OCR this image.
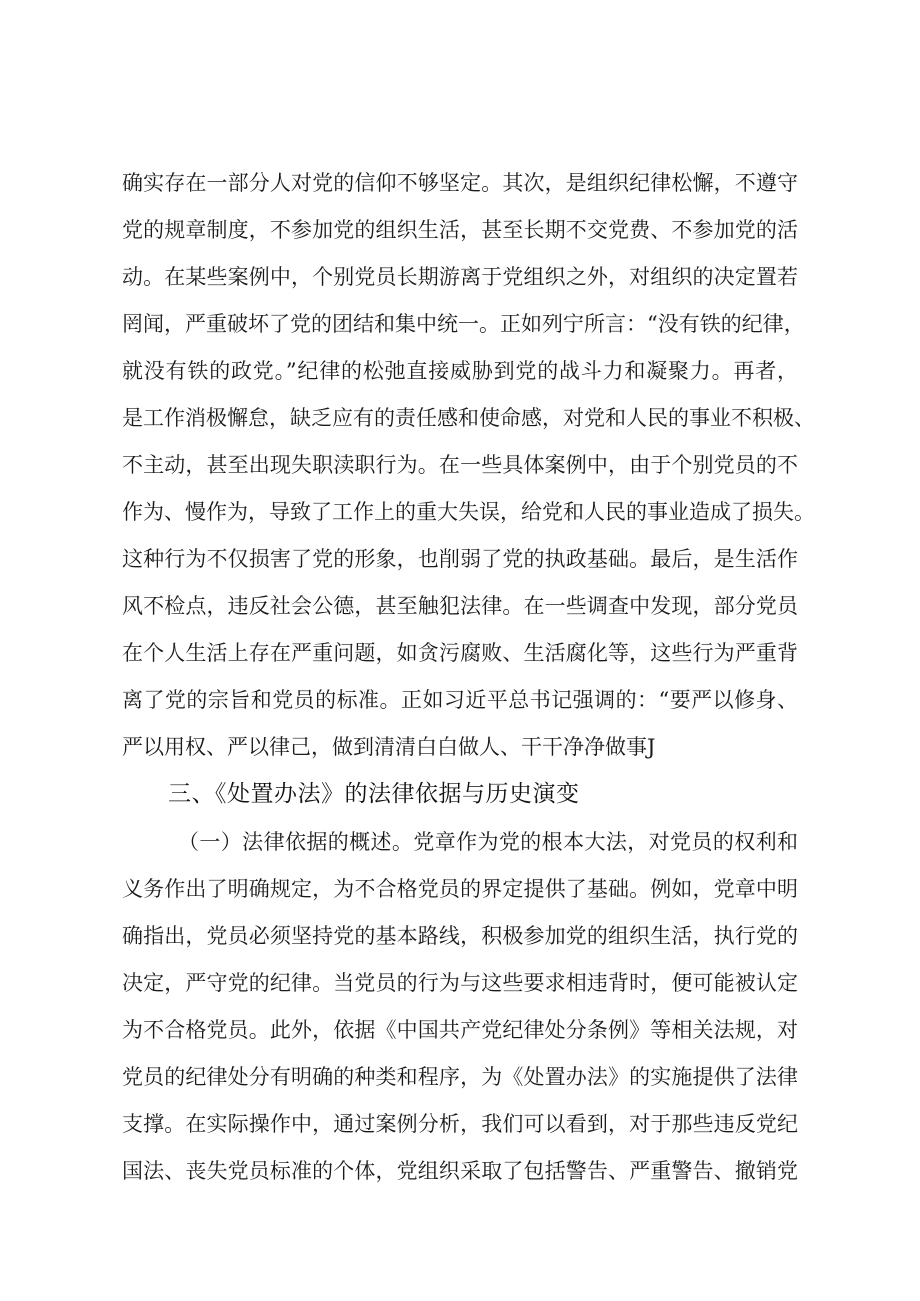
确实存在一部分人对党的信仰不够坚定。其次，是组织纪律松懈，不遵守
党的规章制度，不参加党的组织生活，甚至长期不交党费、不参加党的活
动。在某些案例中，个别党员长期游离于党组织之外，对组织的决定置若
罔闻，严重破坏了党的团结和集中统一。正如列宁所言：“没有铁的纪律，
就没有铁的政党。”纪律的松弛直接威胁到党的战斗力和凝聚力。再者，
是工作消极懈怠，缺乏应有的责任感和使命感，对党和人民的事业不积极、
不主动，甚至出现失职渎职行为。在一些具体案例中，由于个别党员的不
作为、慢作为，导致了工作上的重大失误，给党和人民的事业造成了损失。
这种行为不仅损害了党的形象，也削弱了党的执政基础。最后，是生活作
风不检点，违反社会公德，甚至触犯法律。在一些调查中发现，部分党员
在个人生活上存在严重问题，如贪污腐败、生活腐化等，这些行为严重背
离了党的宗旨和党员的标准。正如习近平总书记强调的：“要严以修身、
严以用权、严以律己，做到清清白白做人、干干净净做事J
三、《处置办法》的法律依据与历史演变
（一）法律依据的概述。党章作为党的根本大法，对党员的权利和
义务作出了明确规定，为不合格党员的界定提供了基础。例如，党章中明
确指出，党员必须坚持党的基本路线，积极参加党的组织生活，执行党的
决定，严守党的纪律。当党员的行为与这些要求相违背时，便可能被认定
为不合格党员。此外，依据《中国共产党纪律处分条例》等相关法规，对
党员的纪律处分有明确的种类和程序，为《处置办法》的实施提供了法律
支撑。在实际操作中，通过案例分析，我们可以看到，对于那些违反党纪
国法、丧失党员标准的个体，党组织采取了包括警告、严重警告、撤销党
